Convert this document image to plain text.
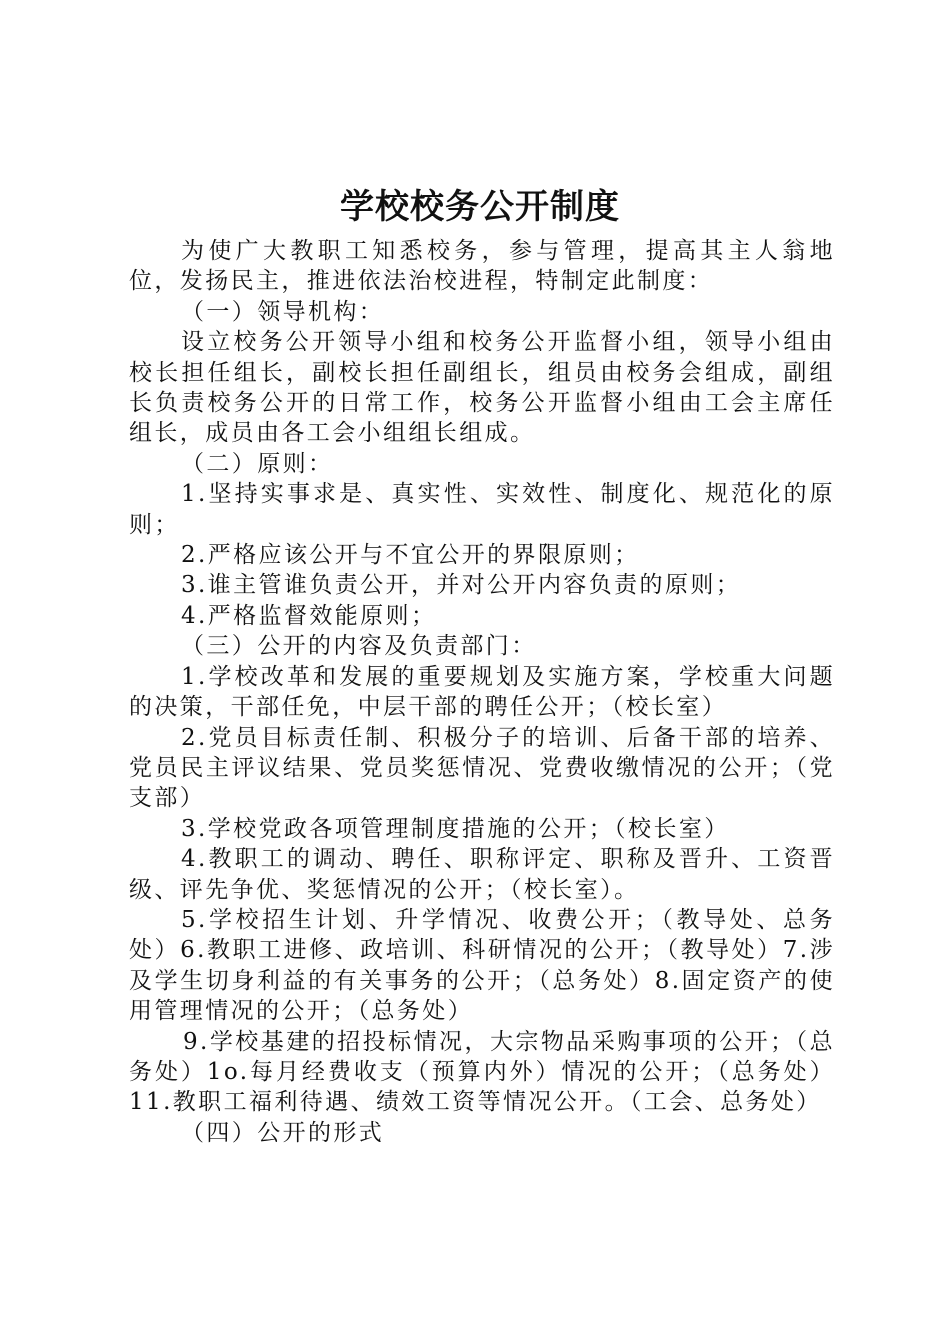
学校校务公开制度

为使广大教职工知悉校务，参与管理，提高其主人翁地位，发扬民主，推进依法治校进程，特制定此制度：

（一）领导机构：

设立校务公开领导小组和校务公开监督小组，领导小组由校长担任组长，副校长担任副组长，组员由校务会组成，副组长负责校务公开的日常工作，校务公开监督小组由工会主席任组长，成员由各工会小组组长组成。

（二）原则：

1.坚持实事求是、真实性、实效性、制度化、规范化的原则；

2.严格应该公开与不宜公开的界限原则；

3.谁主管谁负责公开，并对公开内容负责的原则；

4.严格监督效能原则；

（三）公开的内容及负责部门：

1.学校改革和发展的重要规划及实施方案，学校重大问题的决策，干部任免，中层干部的聘任公开；（校长室）

2.党员目标责任制、积极分子的培训、后备干部的培养、党员民主评议结果、党员奖惩情况、党费收缴情况的公开；（党支部）

3.学校党政各项管理制度措施的公开；（校长室）

4.教职工的调动、聘任、职称评定、职称及晋升、工资晋级、评先争优、奖惩情况的公开；（校长室）。

5.学校招生计划、升学情况、收费公开；（教导处、总务处）6.教职工进修、政培训、科研情况的公开；（教导处）7.涉及学生切身利益的有关事务的公开；（总务处）8.固定资产的使用管理情况的公开；（总务处）

9.学校基建的招投标情况，大宗物品采购事项的公开；（总务处）1o.每月经费收支（预算内外）情况的公开；（总务处）11.教职工福利待遇、绩效工资等情况公开。（工会、总务处）

（四）公开的形式
